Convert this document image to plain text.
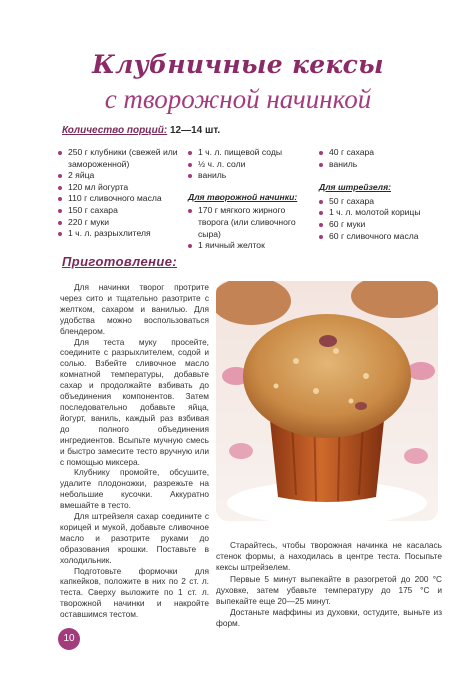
Клубничные кексы
с творожной начинкой
Количество порций: 12—14 шт.
250 г клубники (свежей или замороженной)
2 яйца
120 мл йогурта
110 г сливочного масла
150 г сахара
220 г муки
1 ч. л. разрыхлителя
1 ч. л. пищевой соды
½ ч. л. соли
ваниль
Для творожной начинки:
170 г мягкого жирного творога (или сливочного сыра)
1 яичный желток
40 г сахара
ваниль
Для штрейзеля:
50 г сахара
1 ч. л. молотой корицы
60 г муки
60 г сливочного масла
Приготовление:

Для начинки творог протрите через сито и тщательно разотрите с желтком, сахаром и ванилью. Для удобства можно воспользоваться блендером.

Для теста муку просейте, соедините с разрыхлителем, содой и солью. Взбейте сливочное масло комнатной температуры, добавьте сахар и продолжайте взбивать до объединения компонентов. Затем последовательно добавьте яйца, йогурт, ваниль, каждый раз взбивая до полного объединения ингредиентов. Всыпьте мучную смесь и быстро замесите тесто вручную или с помощью миксера.

Клубнику промойте, обсушите, удалите плодоножки, разрежьте на небольшие кусочки. Аккуратно вмешайте в тесто.

Для штрейзеля сахар соедините с корицей и мукой, добавьте сливочное масло и разотрите руками до образования крошки. Поставьте в холодильник.

Подготовьте формочки для капкейков, положите в них по 2 ст. л. теста. Сверху выложите по 1 ст. л. творожной начинки и накройте оставшимся тестом.

Старайтесь, чтобы творожная начинка не касалась стенок формы, а находилась в центре теста. Посыпьте кексы штрейзелем.

Первые 5 минут выпекайте в разогретой до 200 °С духовке, затем убавьте температуру до 175 °С и выпекайте еще 20—25 минут.

Достаньте маффины из духовки, остудите, выньте из форм.

10
